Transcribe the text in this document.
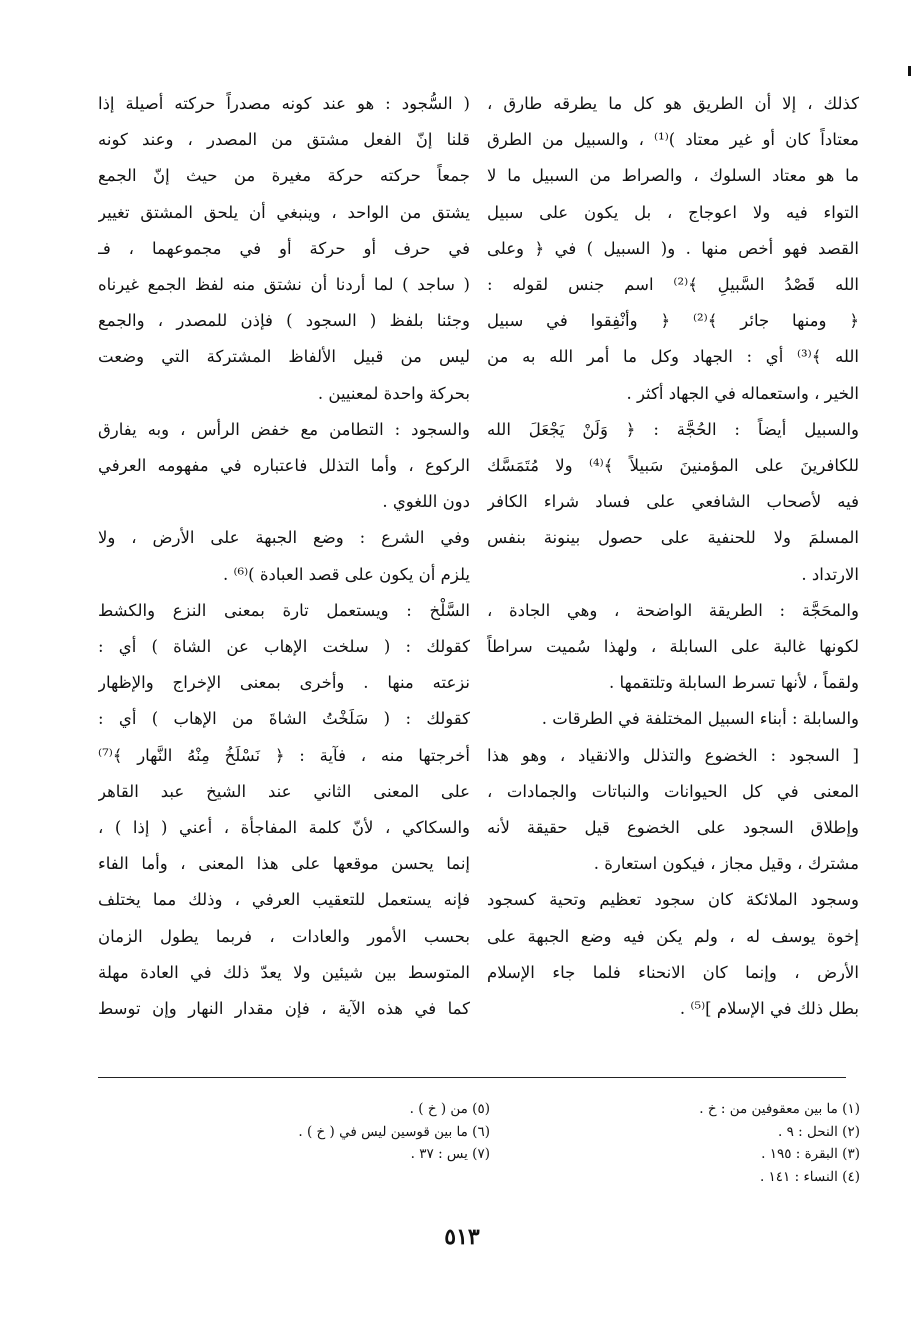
كذلك ، إلا أن الطريق هو كل ما يطرقه طارق ،
معتاداً كان أو غير معتاد )⁽¹⁾ ، والسبيل من الطرق
ما هو معتاد السلوك ، والصراط من السبيل ما لا
التواء فيه ولا اعوجاج ، بل يكون على سبيل
القصد فهو أخص منها . و( السبيل ) في ﴿ وعلى
الله قَصْدُ السَّبيلِ ﴾⁽²⁾ اسم جنس لقوله :
﴿ ومنها جائر ﴾⁽²⁾ ﴿ وأنْفِقوا في سبيل
الله ﴾⁽³⁾ أي : الجهاد وكل ما أمر الله به من
الخير ، واستعماله في الجهاد أكثر .
والسبيل أيضاً : الحُجَّة : ﴿ وَلَنْ يَجْعَلَ الله
للكافرينَ على المؤمنينَ سَبيلاً ﴾⁽⁴⁾ ولا مُتَمَسَّك
فيه لأصحاب الشافعي على فساد شراء الكافر
المسلمَ ولا للحنفية على حصول بينونة بنفس
الارتداد .
والمحَجَّة : الطريقة الواضحة ، وهي الجادة ،
لكونها غالبة على السابلة ، ولهذا سُميت سراطاً
ولقماً ، لأنها تسرط السابلة وتلتقمها .
والسابلة : أبناء السبيل المختلفة في الطرقات .
[ السجود : الخضوع والتذلل والانقياد ، وهو هذا
المعنى في كل الحيوانات والنباتات والجمادات ،
وإطلاق السجود على الخضوع قيل حقيقة لأنه
مشترك ، وقيل مجاز ، فيكون استعارة .
وسجود الملائكة كان سجود تعظيم وتحية كسجود
إخوة يوسف له ، ولم يكن فيه وضع الجبهة على
الأرض ، وإنما كان الانحناء فلما جاء الإسلام
بطل ذلك في الإسلام ]⁽⁵⁾ .
( السُّجود : هو عند كونه مصدراً حركته أصيلة إذا
قلنا إنّ الفعل مشتق من المصدر ، وعند كونه
جمعاً حركته حركة مغيرة من حيث إنّ الجمع
يشتق من الواحد ، وينبغي أن يلحق المشتق تغيير
في حرف أو حركة أو في مجموعهما ، فـ
( ساجد ) لما أردنا أن نشتق منه لفظ الجمع غيرناه
وجئنا بلفظ ( السجود ) فإذن للمصدر ، والجمع
ليس من قبيل الألفاظ المشتركة التي وضعت
بحركة واحدة لمعنيين .
والسجود : التطامن مع خفض الرأس ، وبه يفارق
الركوع ، وأما التذلل فاعتباره في مفهومه العرفي
دون اللغوي .
وفي الشرع : وضع الجبهة على الأرض ، ولا
يلزم أن يكون على قصد العبادة )⁽⁶⁾ .
السَّلْخ : ويستعمل تارة بمعنى النزع والكشط
كقولك : ( سلخت الإهاب عن الشاة ) أي :
نزعته منها . وأخرى بمعنى الإخراج والإظهار
كقولك : ( سَلَخْتُ الشاةَ من الإهاب ) أي :
أخرجتها منه ، فآية : ﴿ نَسْلَخُ مِنْهُ النَّهار ﴾⁽⁷⁾
على المعنى الثاني عند الشيخ عبد القاهر
والسكاكي ، لأنّ كلمة المفاجأة ، أعني ( إذا ) ،
إنما يحسن موقعها على هذا المعنى ، وأما الفاء
فإنه يستعمل للتعقيب العرفي ، وذلك مما يختلف
بحسب الأمور والعادات ، فربما يطول الزمان
المتوسط بين شيئين ولا يعدّ ذلك في العادة مهلة
كما في هذه الآية ، فإن مقدار النهار وإن توسط
(١) ما بين معقوفين من : خ .
(٢) النحل : ٩ .
(٣) البقرة : ١٩٥ .
(٤) النساء : ١٤١ .
(٥) من ( خ ) .
(٦) ما بين قوسين ليس في ( خ ) .
(٧) يس : ٣٧ .
٥١٣
